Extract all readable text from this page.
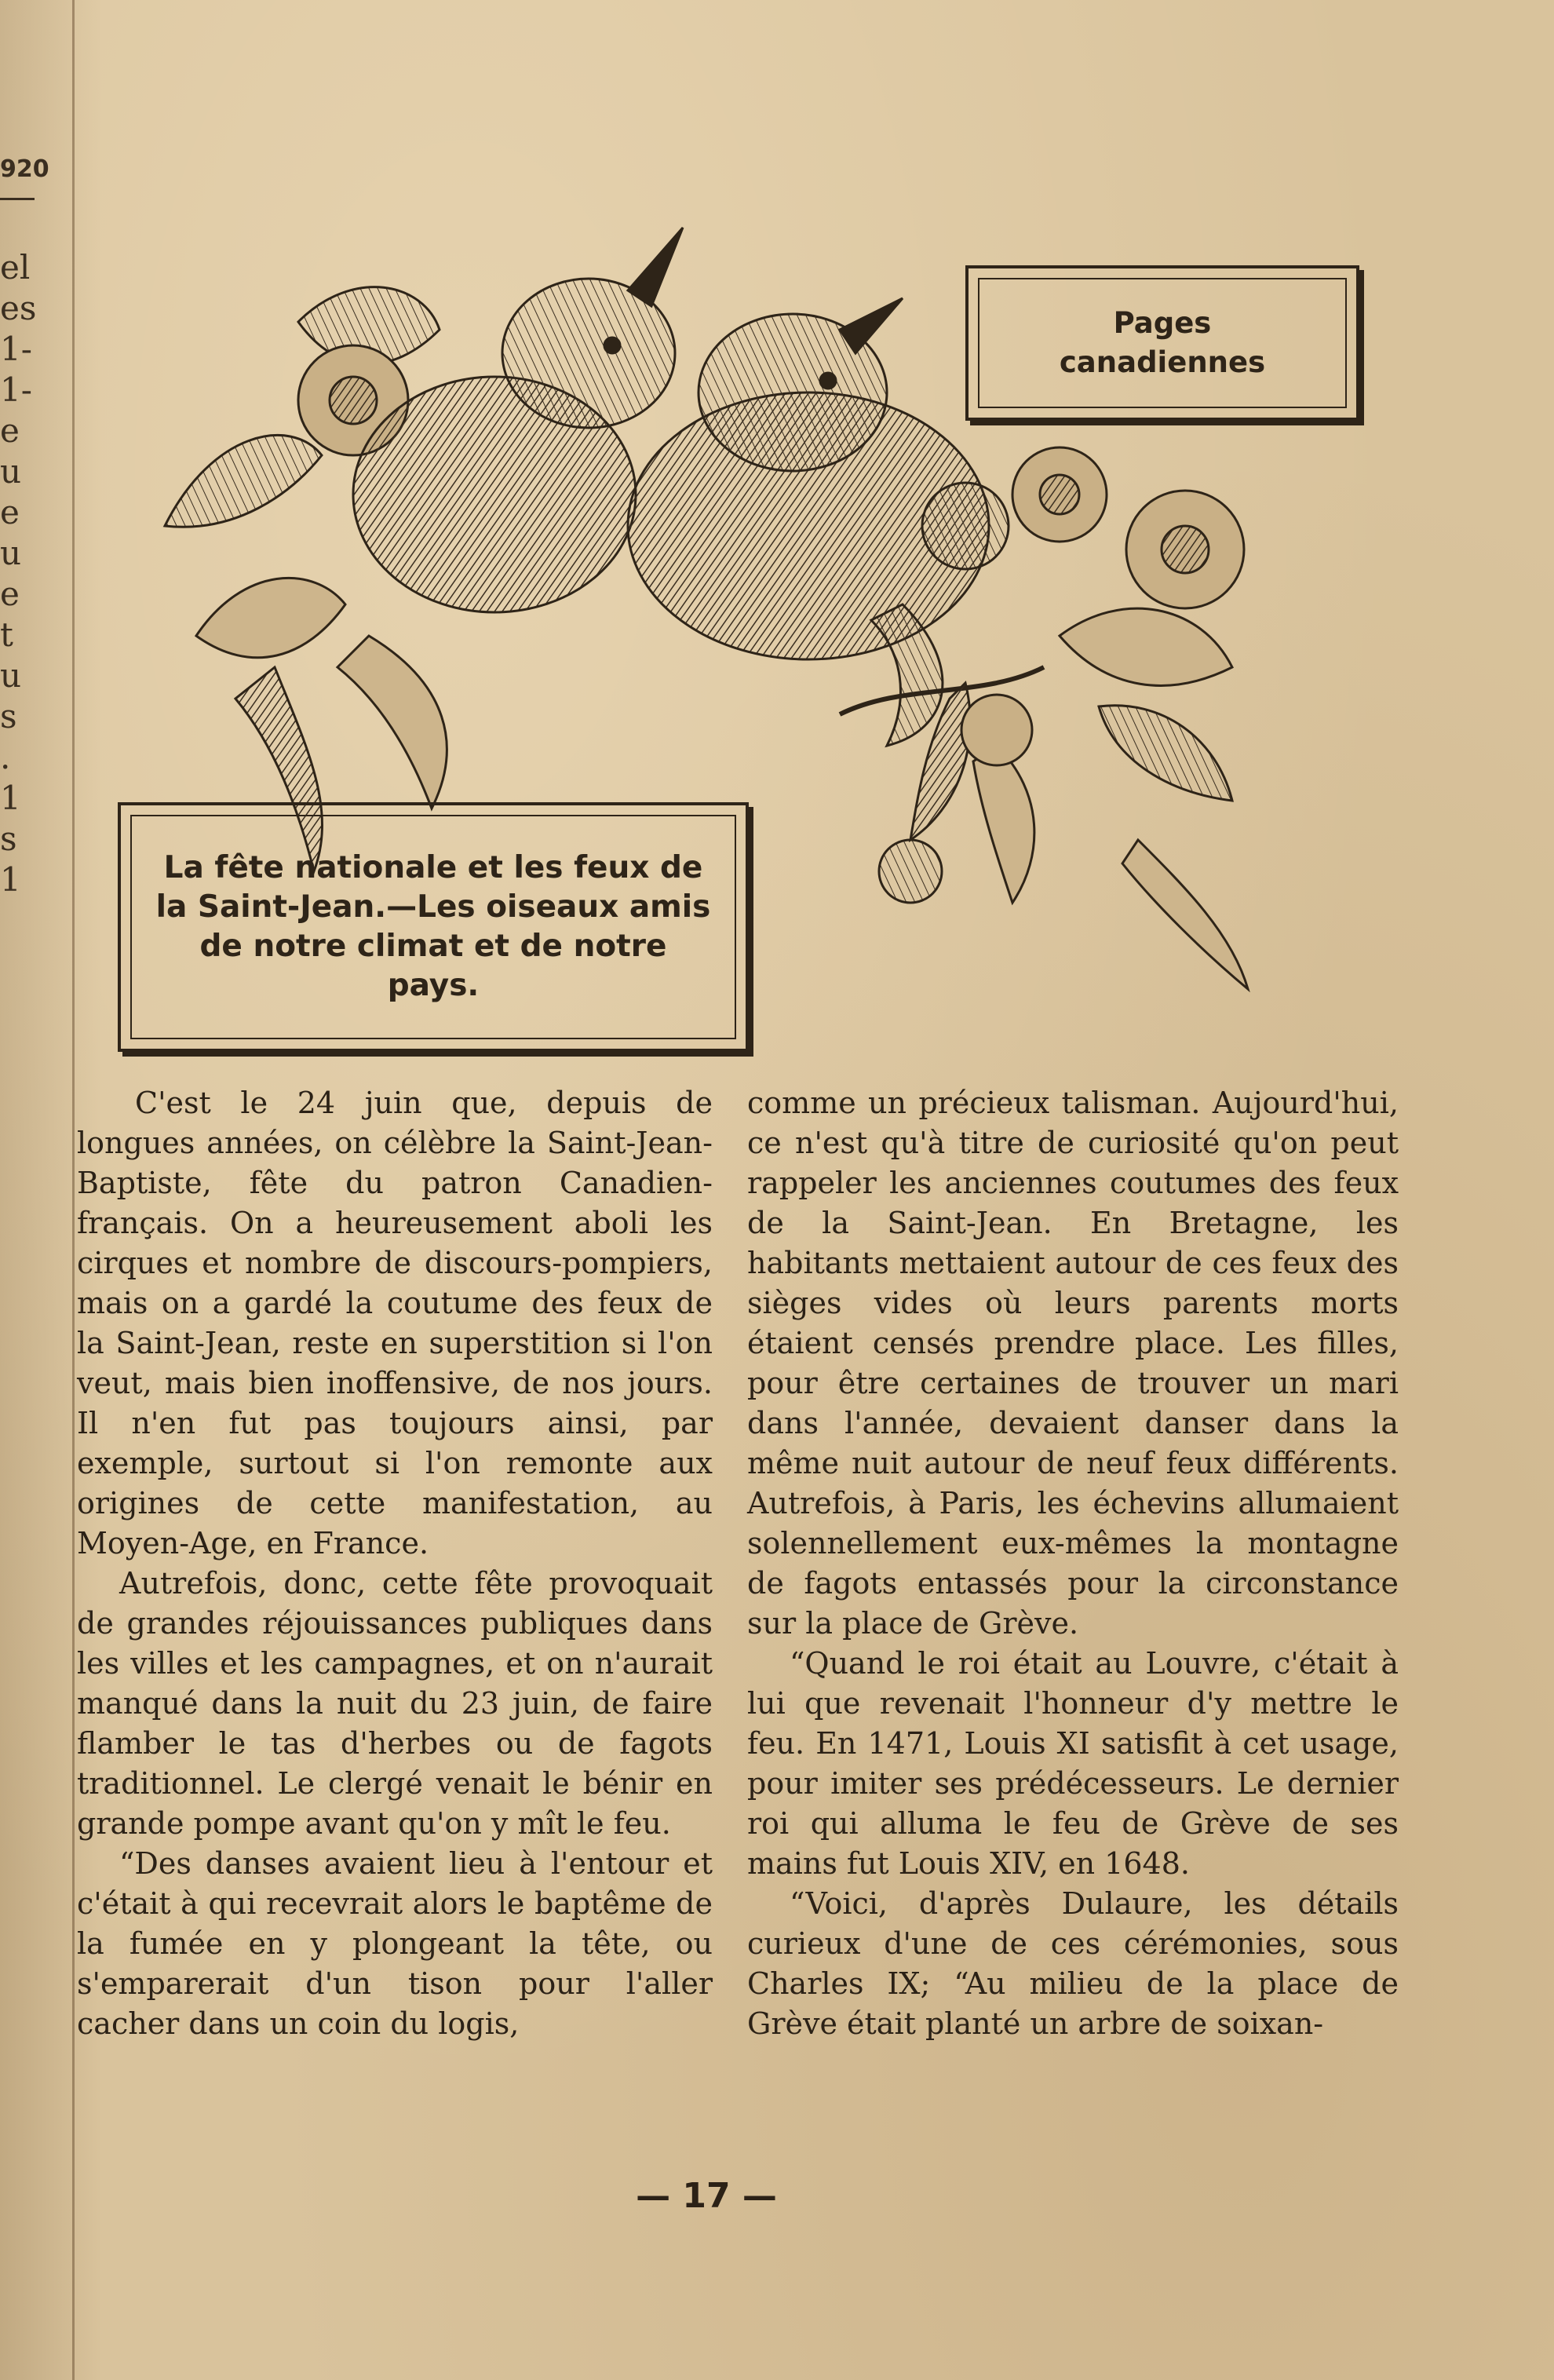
920
el
es
1-
1-
e
u
e
u
e
t
u
s
.
1
s
1
Pages
canadiennes
La fête nationale et les feux de la Saint-Jean.—Les oiseaux amis de notre climat et de notre pays.

C'est le 24 juin que, depuis de longues années, on célèbre la Saint-Jean-Baptiste, fête du patron Canadien-français. On a heureusement aboli les cirques et nombre de discours-pompiers, mais on a gardé la coutume des feux de la Saint-Jean, reste en superstition si l'on veut, mais bien inoffensive, de nos jours. Il n'en fut pas toujours ainsi, par exemple, surtout si l'on remonte aux origines de cette manifestation, au Moyen-Age, en France.

Autrefois, donc, cette fête provoquait de grandes réjouissances publiques dans les villes et les campagnes, et on n'aurait manqué dans la nuit du 23 juin, de faire flamber le tas d'herbes ou de fagots traditionnel. Le clergé venait le bénir en grande pompe avant qu'on y mît le feu.

“Des danses avaient lieu à l'entour et c'était à qui recevrait alors le baptême de la fumée en y plongeant la tête, ou s'emparerait d'un tison pour l'aller cacher dans un coin du logis,

comme un précieux talisman. Aujourd'hui, ce n'est qu'à titre de curiosité qu'on peut rappeler les anciennes coutumes des feux de la Saint-Jean. En Bretagne, les habitants mettaient autour de ces feux des sièges vides où leurs parents morts étaient censés prendre place. Les filles, pour être certaines de trouver un mari dans l'année, devaient danser dans la même nuit autour de neuf feux différents. Autrefois, à Paris, les échevins allumaient solennellement eux-mêmes la montagne de fagots entassés pour la circonstance sur la place de Grève.

“Quand le roi était au Louvre, c'était à lui que revenait l'honneur d'y mettre le feu. En 1471, Louis XI satisfit à cet usage, pour imiter ses prédécesseurs. Le dernier roi qui alluma le feu de Grève de ses mains fut Louis XIV, en 1648.

“Voici, d'après Dulaure, les détails curieux d'une de ces cérémonies, sous Charles IX; “Au milieu de la place de Grève était planté un arbre de soixan-

— 17 —
